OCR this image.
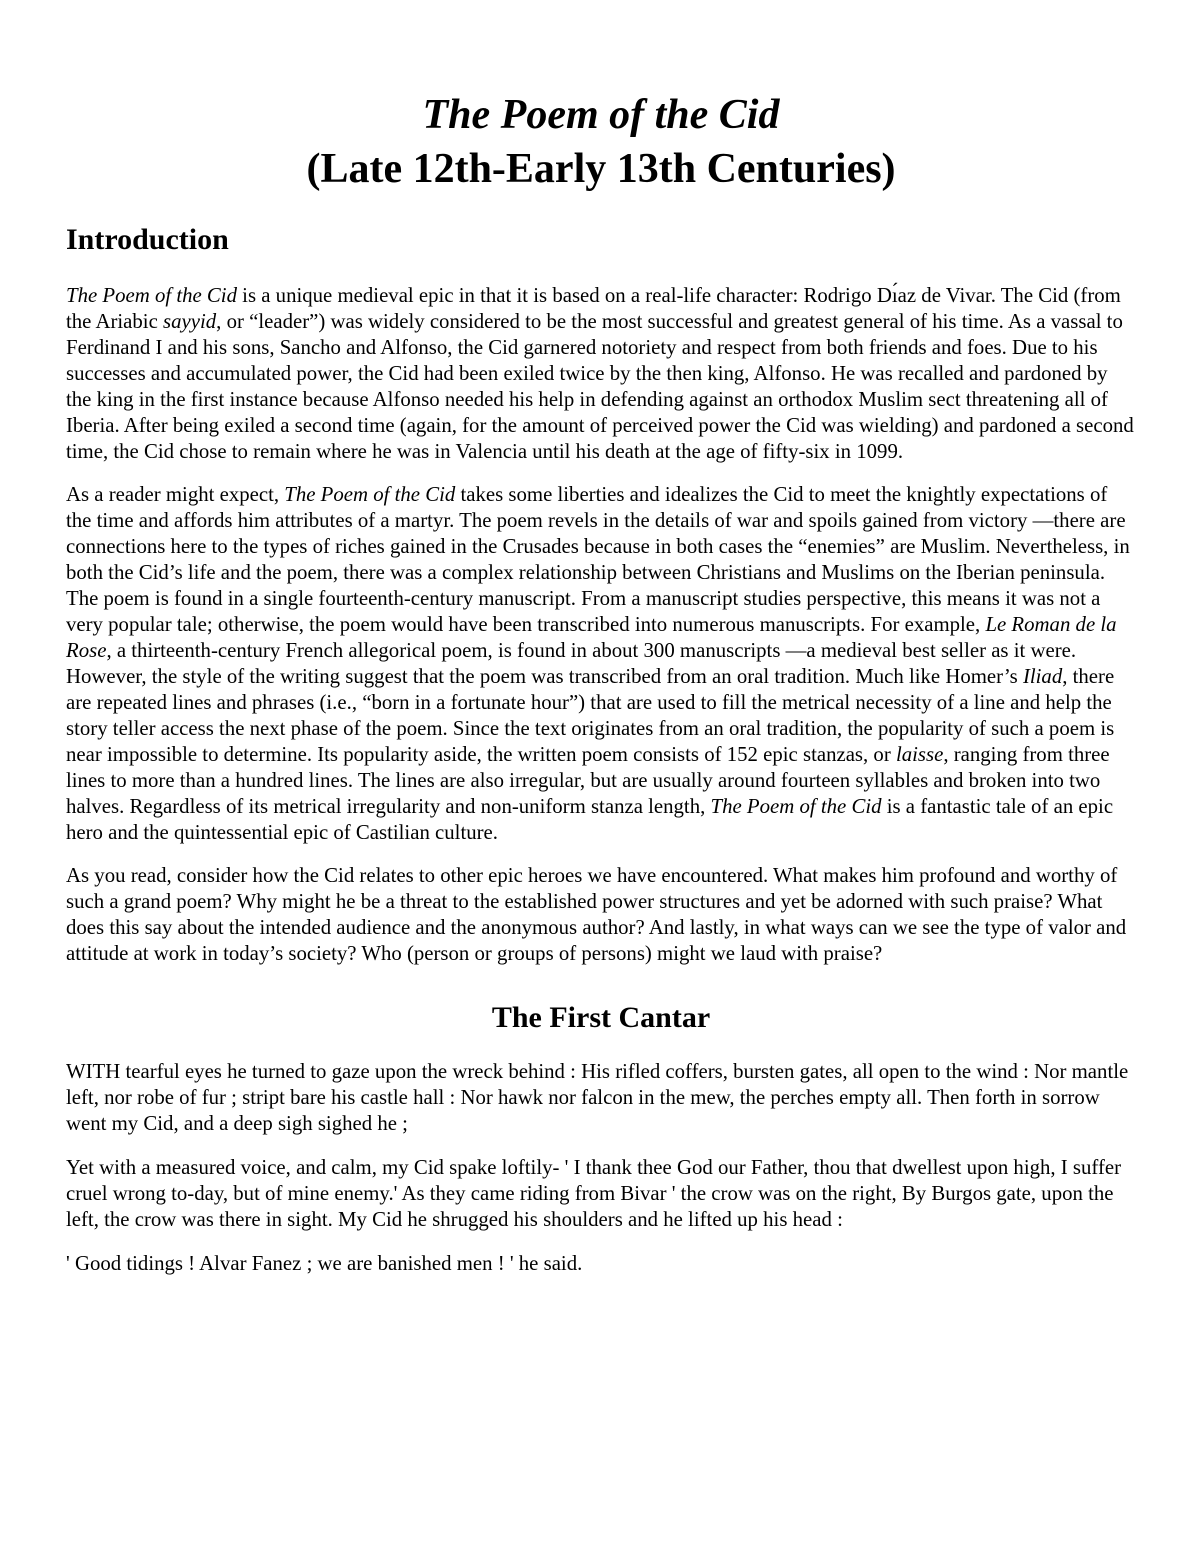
The Poem of the Cid
(Late 12th-Early 13th Centuries)
Introduction

The Poem of the Cid is a unique medieval epic in that it is based on a real-life character: Rodrigo Dı́az de Vivar. The Cid (from the Ariabic sayyid, or “leader”) was widely considered to be the most successful and greatest general of his time. As a vassal to Ferdinand I and his sons, Sancho and Alfonso, the Cid garnered notoriety and respect from both friends and foes. Due to his successes and accumulated power, the Cid had been exiled twice by the then king, Alfonso. He was recalled and pardoned by the king in the first instance because Alfonso needed his help in defending against an orthodox Muslim sect threatening all of Iberia. After being exiled a second time (again, for the amount of perceived power the Cid was wielding) and pardoned a second time, the Cid chose to remain where he was in Valencia until his death at the age of fifty-six in 1099.

As a reader might expect, The Poem of the Cid takes some liberties and idealizes the Cid to meet the knightly expectations of the time and affords him attributes of a martyr. The poem revels in the details of war and spoils gained from victory —there are connections here to the types of riches gained in the Crusades because in both cases the “enemies” are Muslim. Nevertheless, in both the Cid’s life and the poem, there was a complex relationship between Christians and Muslims on the Iberian peninsula. The poem is found in a single fourteenth-century manuscript. From a manuscript studies perspective, this means it was not a very popular tale; otherwise, the poem would have been transcribed into numerous manuscripts. For example, Le Roman de la Rose, a thirteenth-century French allegorical poem, is found in about 300 manuscripts —a medieval best seller as it were. However, the style of the writing suggest that the poem was transcribed from an oral tradition. Much like Homer’s Iliad, there are repeated lines and phrases (i.e., “born in a fortunate hour”) that are used to fill the metrical necessity of a line and help the story teller access the next phase of the poem. Since the text originates from an oral tradition, the popularity of such a poem is near impossible to determine. Its popularity aside, the written poem consists of 152 epic stanzas, or laisse, ranging from three lines to more than a hundred lines. The lines are also irregular, but are usually around fourteen syllables and broken into two halves. Regardless of its metrical irregularity and non-uniform stanza length, The Poem of the Cid is a fantastic tale of an epic hero and the quintessential epic of Castilian culture.

As you read, consider how the Cid relates to other epic heroes we have encountered. What makes him profound and worthy of such a grand poem? Why might he be a threat to the established power structures and yet be adorned with such praise? What does this say about the intended audience and the anonymous author? And lastly, in what ways can we see the type of valor and attitude at work in today’s society? Who (person or groups of persons) might we laud with praise?

The First Cantar

WITH tearful eyes he turned to gaze upon the wreck behind : His rifled coffers, bursten gates, all open to the wind : Nor mantle left, nor robe of fur ; stript bare his castle hall : Nor hawk nor falcon in the mew, the perches empty all. Then forth in sorrow went my Cid, and a deep sigh sighed he ;

Yet with a measured voice, and calm, my Cid spake loftily- ' I thank thee God our Father, thou that dwellest upon high, I suffer cruel wrong to-day, but of mine enemy.' As they came riding from Bivar ' the crow was on the right, By Burgos gate, upon the left, the crow was there in sight. My Cid he shrugged his shoulders and he lifted up his head :

' Good tidings ! Alvar Fanez ; we are banished men ! ' he said.
